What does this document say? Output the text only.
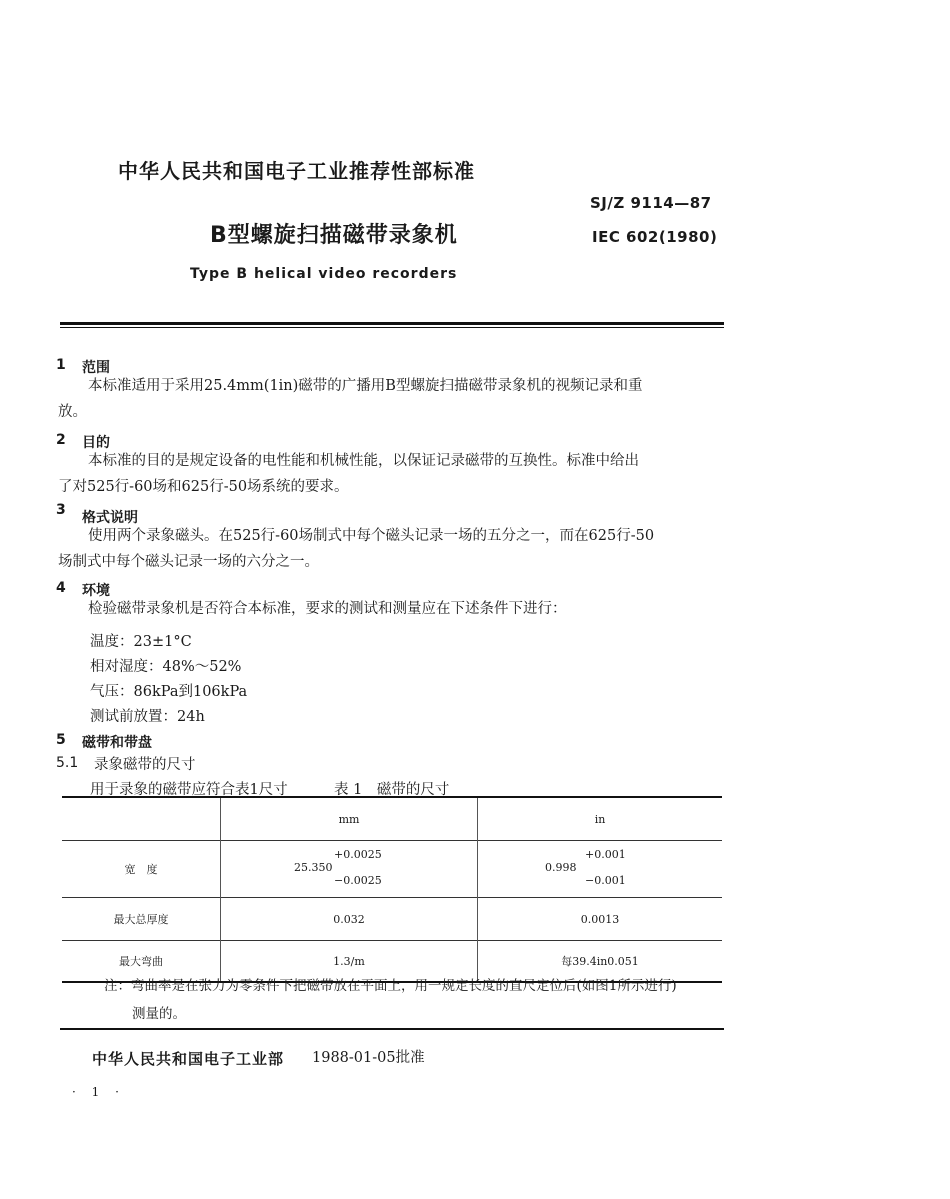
中华人民共和国电子工业推荐性部标准
SJ/Z 9114—87
B型螺旋扫描磁带录象机	IEC 602(1980)
Type B helical video recorders
1 范围
本标准适用于采用25.4mm(1in)磁带的广播用B型螺旋扫描磁带录象机的视频记录和重
放。
2 目的
本标准的目的是规定设备的电性能和机械性能，以保证记录磁带的互换性。标准中给出
了对525行-60场和625行-50场系统的要求。
3 格式说明
使用两个录象磁头。在525行-60场制式中每个磁头记录一场的五分之一，而在625行-50
场制式中每个磁头记录一场的六分之一。
4 环境
检验磁带录象机是否符合本标准，要求的测试和测量应在下述条件下进行：
温度：23±1°C
相对湿度：48%～52%
气压：86kPa到106kPa
测试前放置：24h
5 磁带和带盘
5.1 录象磁带的尺寸
用于录象的磁带应符合表1尺寸	表 1　磁带的尺寸
	mm	in
宽　度	25.350
+0.0025
−0.0025	0.998
+0.001
−0.001

最大总厚度	0.032	0.0013
最大弯曲	1.3/m	每39.4in0.051
注：弯曲率是在张力为零条件下把磁带放在平面上，用一规定长度的直尺定位后(如图1所示进行)
测量的。
中华人民共和国电子工业部 1988-01-05批准
· 1 ·
